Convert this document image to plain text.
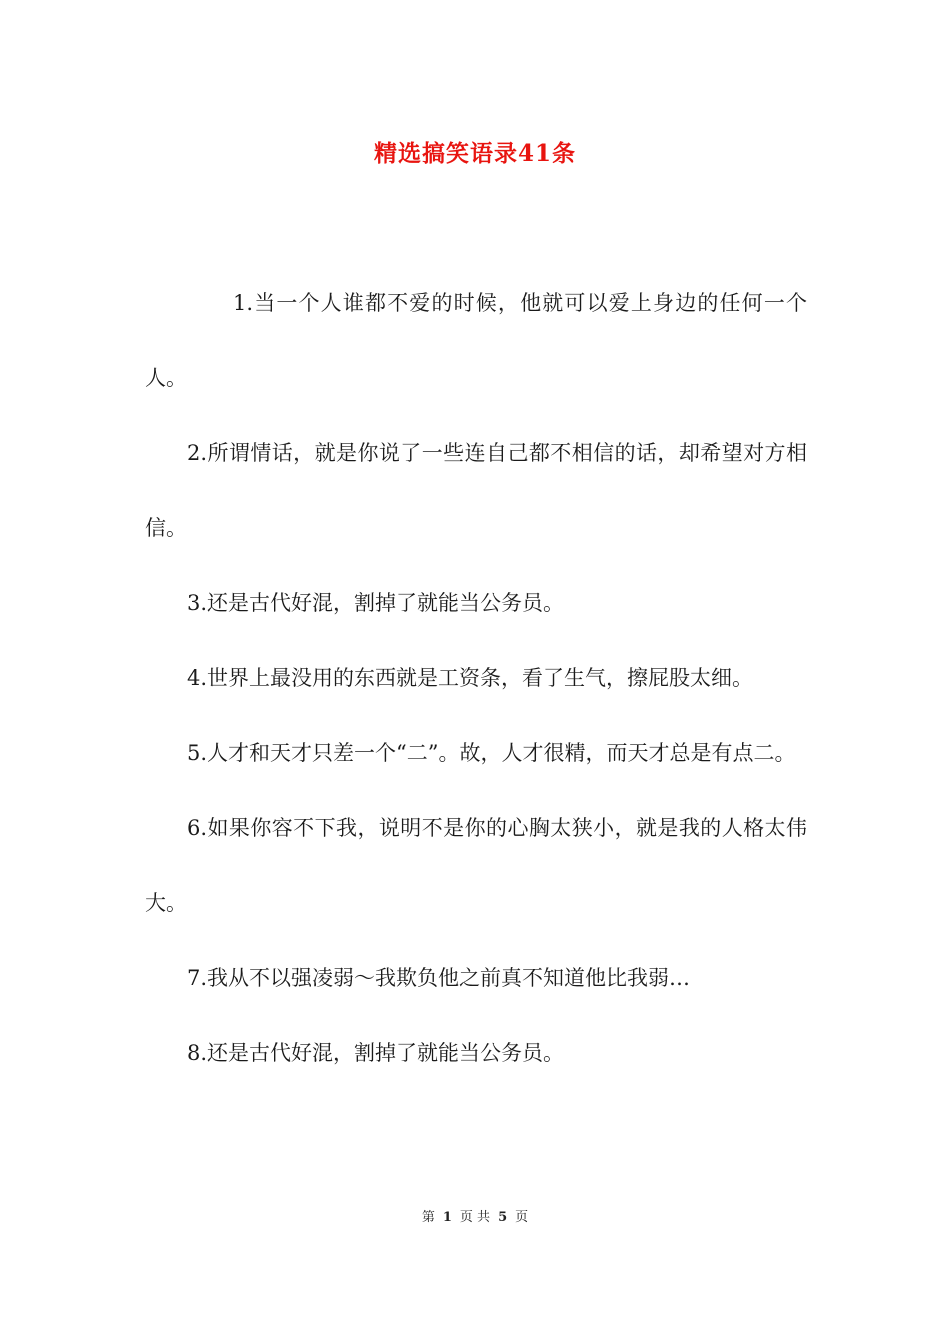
精选搞笑语录41条

1.当一个人谁都不爱的时候，他就可以爱上身边的任何一个人。

2.所谓情话，就是你说了一些连自己都不相信的话，却希望对方相信。

3.还是古代好混，割掉了就能当公务员。

4.世界上最没用的东西就是工资条，看了生气，擦屁股太细。

5.人才和天才只差一个“二”。故，人才很精，而天才总是有点二。

6.如果你容不下我，说明不是你的心胸太狭小，就是我的人格太伟大。

7.我从不以强凌弱～我欺负他之前真不知道他比我弱…

8.还是古代好混，割掉了就能当公务员。

第 1 页 共 5 页
